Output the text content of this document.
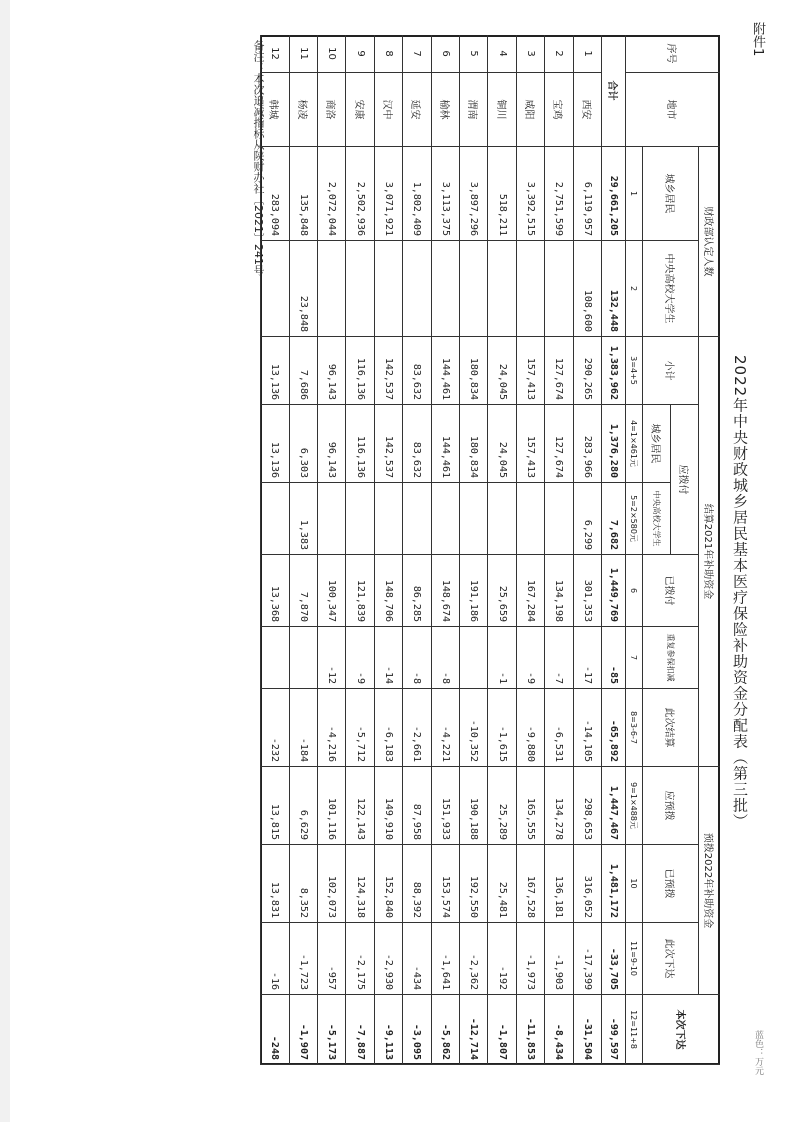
附件1
蓝色：万元
2022年中央财政城乡居民基本医疗保险补助资金分配表（第三批）
备注：本次追减指标从陕财办社〔2021〕241号	序号
地市
财政部认定人数
城乡居民
中央高校大学生
结算2021年补助资金
小计
应拨付
城乡居民
中央高校大学生
已拨付
重复参保扣减
此次结算
预拨2022年补助资金
应预拨
已预拨
此次下达
本次下达
1
2
3=4+5
4=1×461元
5=2×580元
6
7
8=3-6-7
9=1×488元
10
11=9-10
12=11+8
合计
29,661,205
132,448
1,383,962
1,376,280
7,682
1,449,769
-85
-65,892
1,447,467
1,481,172
-33,705
-99,597
1
西安
6,119,957
108,600
290,265
283,966
6,299
301,353
-17
-14,105
298,653
316,052
-17,399
-31,504
2
宝鸡
2,751,599
127,674
127,674
134,198
-7
-6,531
134,278
136,181
-1,903
-8,434
3
咸阳
3,392,515
157,413
157,413
167,284
-9
-9,880
165,555
167,528
-1,973
-11,853
4
铜川
518,211
24,045
24,045
25,659
-1
-1,615
25,289
25,481
-192
-1,807
5
渭南
3,897,296
180,834
180,834
191,186
-10,352
190,188
192,550
-2,362
-12,714
6
榆林
3,113,375
144,461
144,461
148,674
-8
-4,221
151,933
153,574
-1,641
-5,862
7
延安
1,802,409
83,632
83,632
86,285
-8
-2,661
87,958
88,392
-434
-3,095
8
汉中
3,071,921
142,537
142,537
148,706
-14
-6,183
149,910
152,840
-2,930
-9,113
9
安康
2,502,936
116,136
116,136
121,839
-9
-5,712
122,143
124,318
-2,175
-7,887
10
商洛
2,072,044
96,143
96,143
100,347
-12
-4,216
101,116
102,073
-957
-5,173
11
杨凌
135,848
23,848
7,686
6,303
1,383
7,870
-184
6,629
8,352
-1,723
-1,907
12
韩城
283,094
13,136
13,136
13,368
-232
13,815
13,831
-16
-248
